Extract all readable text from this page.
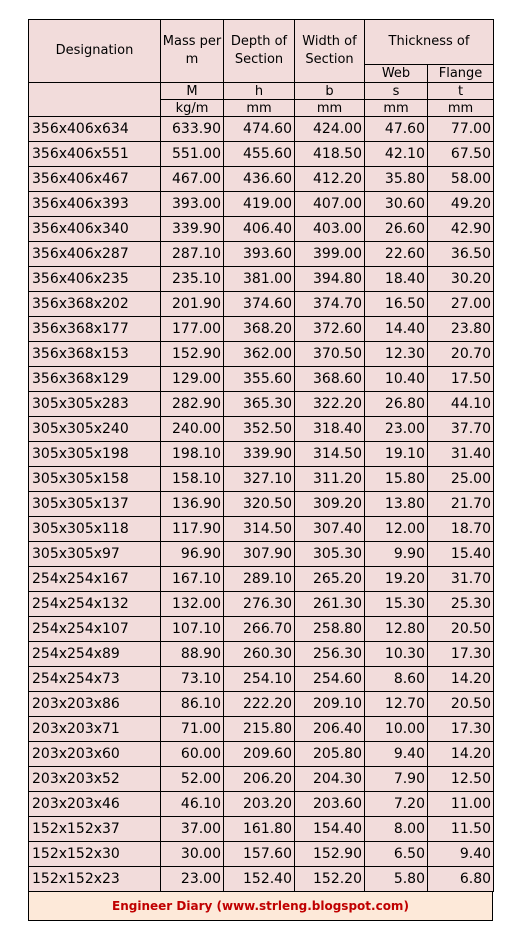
Designation	Mass per m	Depth of Section	Width of Section	Thickness of	
				Web	Flange
	M	h	b	s	t
	kg/m	mm	mm	mm	mm
356x406x634	633.90	474.60	424.00	47.60	77.00
356x406x551	551.00	455.60	418.50	42.10	67.50
356x406x467	467.00	436.60	412.20	35.80	58.00
356x406x393	393.00	419.00	407.00	30.60	49.20
356x406x340	339.90	406.40	403.00	26.60	42.90
356x406x287	287.10	393.60	399.00	22.60	36.50
356x406x235	235.10	381.00	394.80	18.40	30.20
356x368x202	201.90	374.60	374.70	16.50	27.00
356x368x177	177.00	368.20	372.60	14.40	23.80
356x368x153	152.90	362.00	370.50	12.30	20.70
356x368x129	129.00	355.60	368.60	10.40	17.50
305x305x283	282.90	365.30	322.20	26.80	44.10
305x305x240	240.00	352.50	318.40	23.00	37.70
305x305x198	198.10	339.90	314.50	19.10	31.40
305x305x158	158.10	327.10	311.20	15.80	25.00
305x305x137	136.90	320.50	309.20	13.80	21.70
305x305x118	117.90	314.50	307.40	12.00	18.70
305x305x97	96.90	307.90	305.30	9.90	15.40
254x254x167	167.10	289.10	265.20	19.20	31.70
254x254x132	132.00	276.30	261.30	15.30	25.30
254x254x107	107.10	266.70	258.80	12.80	20.50
254x254x89	88.90	260.30	256.30	10.30	17.30
254x254x73	73.10	254.10	254.60	8.60	14.20
203x203x86	86.10	222.20	209.10	12.70	20.50
203x203x71	71.00	215.80	206.40	10.00	17.30
203x203x60	60.00	209.60	205.80	9.40	14.20
203x203x52	52.00	206.20	204.30	7.90	12.50
203x203x46	46.10	203.20	203.60	7.20	11.00
152x152x37	37.00	161.80	154.40	8.00	11.50
152x152x30	30.00	157.60	152.90	6.50	9.40
152x152x23	23.00	152.40	152.20	5.80	6.80
Engineer Diary (www.strleng.blogspot.com)
